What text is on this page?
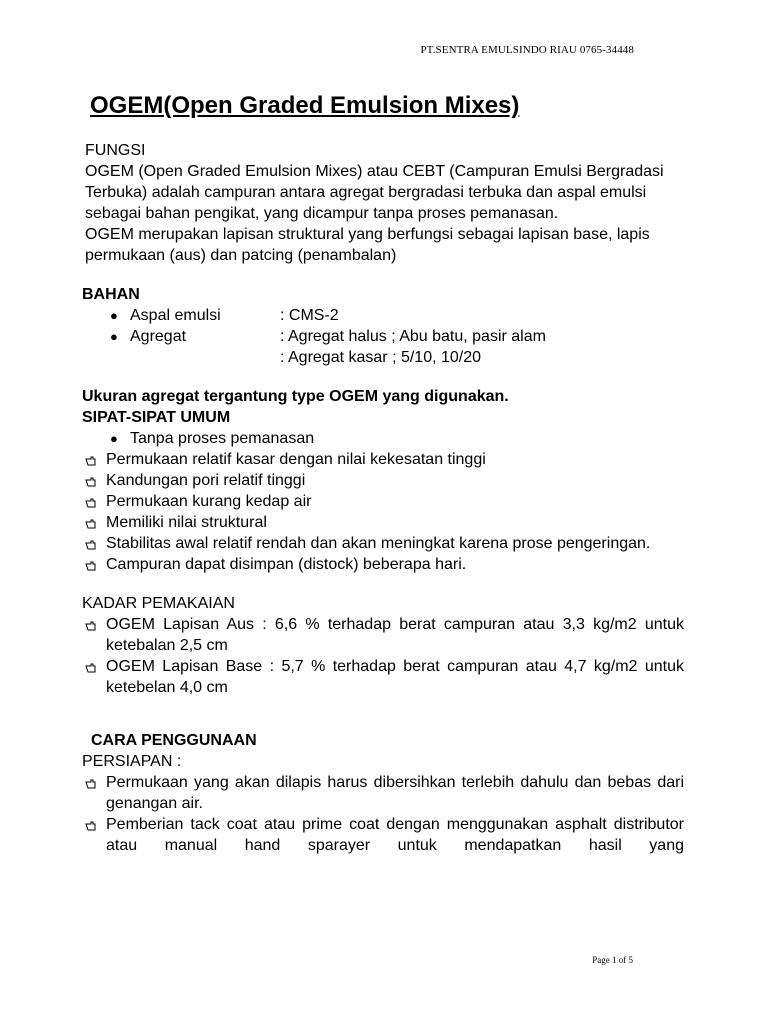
PT.SENTRA EMULSINDO RIAU 0765-34448
OGEM(Open Graded Emulsion Mixes)

FUNGSI

OGEM (Open Graded Emulsion Mixes) atau CEBT (Campuran Emulsi Bergradasi Terbuka) adalah campuran antara agregat bergradasi terbuka dan aspal emulsi sebagai bahan pengikat, yang dicampur tanpa proses pemanasan.

OGEM merupakan lapisan struktural yang berfungsi sebagai lapisan base, lapis permukaan (aus) dan patcing (penambalan)

BAHAN

● Aspal emulsi	: CMS-2
● Agregat	: Agregat halus ; Abu batu, pasir alam
: Agregat kasar ; 5/10, 10/20

Ukuran agregat tergantung type OGEM yang digunakan.

SIPAT-SIPAT UMUM

● Tanpa proses pemanasan
Permukaan relatif kasar dengan nilai kekesatan tinggi
Kandungan pori relatif tinggi
Permukaan kurang kedap air
Memiliki nilai struktural
Stabilitas awal relatif rendah dan akan meningkat karena prose pengeringan.
Campuran dapat disimpan (distock) beberapa hari.

KADAR PEMAKAIAN

OGEM Lapisan Aus : 6,6 % terhadap berat campuran atau 3,3 kg/m2 untuk ketebalan 2,5 cm
OGEM Lapisan Base : 5,7 % terhadap berat campuran atau 4,7 kg/m2 untuk ketebelan 4,0 cm

CARA PENGGUNAAN

PERSIAPAN :

Permukaan yang akan dilapis harus dibersihkan terlebih dahulu dan bebas dari genangan air.
Pemberian tack coat atau prime coat dengan menggunakan asphalt distributor atau manual hand sparayer untuk mendapatkan hasil yang
Page 1 of 5
